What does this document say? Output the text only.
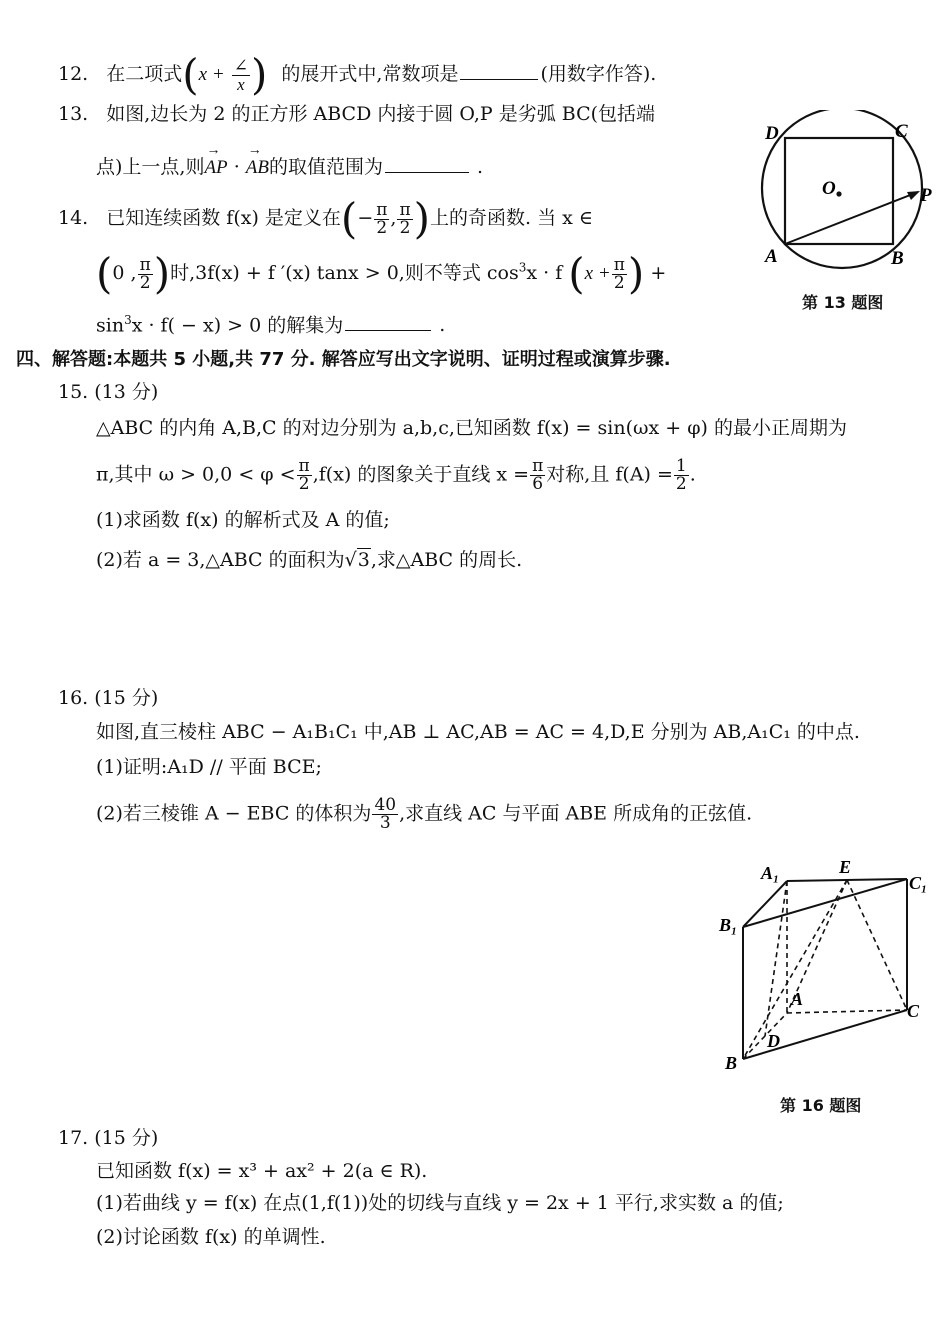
12. 在二项式($x + \frac{\angle}{x}$ ) 的展开式中,常数项是	(用数字作答).
13. 如图,边长为 2 的正方形 ABCD 内接于圆 O,P 是劣弧 BC(包括端
点)上一点,则→ AP · → AB的取值范围为	.
D	C
O	P
A	B
第 13 题图
14. 已知连续函数 f(x) 是定义在(− $\frac{\pi}{2}$ , $\frac{\pi}{2}$ )上的奇函数. 当 x ∈
(0 , $\frac{\pi}{2}$ )时,3f(x) + f ′(x) tanx > 0,则不等式 $\cos^3x \cdot f$ ($x + \frac{\pi}{2}$ ) +
$\sin^3x \cdot f( - x) > 0$ 的解集为	.
四、解答题:本题共 5 小题,共 77 分. 解答应写出文字说明、证明过程或演算步骤.
15. (13 分)
△ABC 的内角 A,B,C 的对边分别为 a,b,c,已知函数 f(x) = sin(ωx + φ) 的最小正周期为
π,其中 $\omega > 0,0 < \varphi < \frac{\pi}{2} ,f(x)$ 的图象关于直线 $x = \frac{\pi}{6}$ 对称,且 $f(A) = \frac{1}{2}$ .
(1)求函数 f(x) 的解析式及 A 的值;
(2)若 a = 3,△ABC 的面积为√3,求△ABC 的周长.
16. (15 分)
如图,直三棱柱 ABC − A₁B₁C₁ 中,AB ⊥ AC,AB = AC = 4,D,E 分别为 AB,A₁C₁ 的中点.
(1)证明:A₁D // 平面 BCE;
(2)若三棱锥 A − EBC 的体积为 $\frac{40}{3}$ ,求直线 AC 与平面 ABE 所成角的正弦值.
A₁	E
C₁
B₁
A
C
D
B
第 16 题图
17. (15 分)
已知函数 f(x) = x³ + ax² + 2(a ∈ R).
(1)若曲线 y = f(x) 在点(1,f(1))处的切线与直线 y = 2x + 1 平行,求实数 a 的值;
(2)讨论函数 f(x) 的单调性.
